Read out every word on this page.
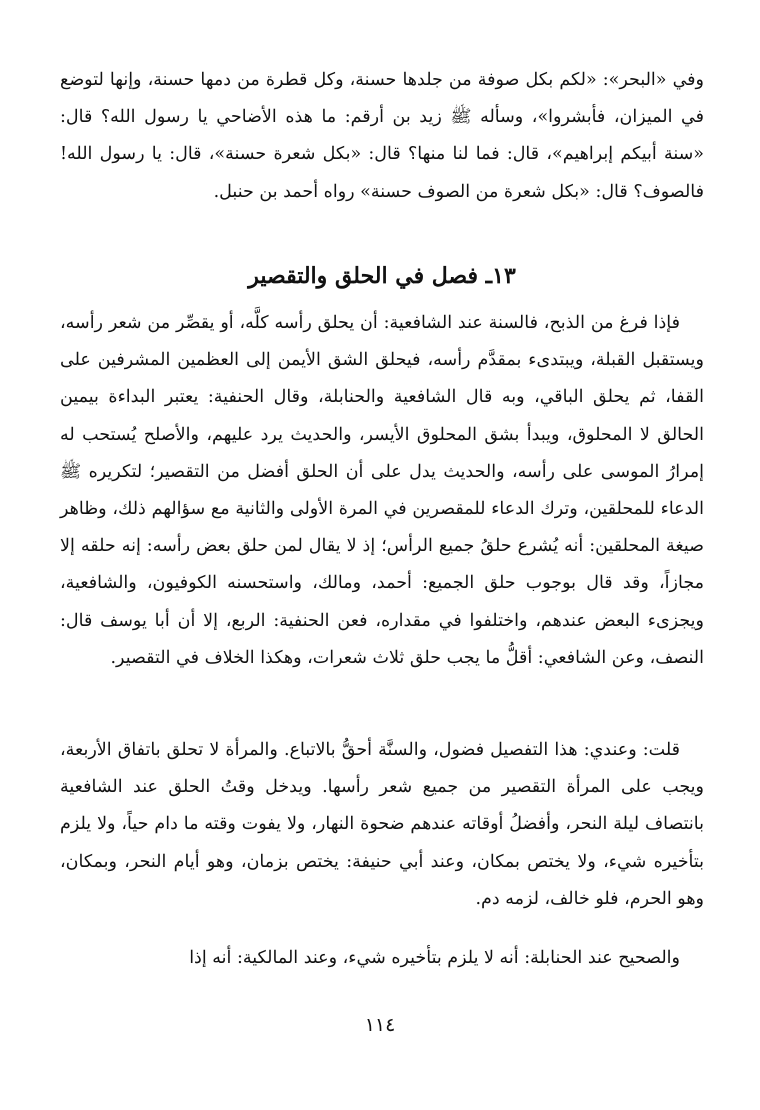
وفي «البحر»: «لكم بكل صوفة من جلدها حسنة، وكل قطرة من دمها حسنة، وإنها لتوضع في الميزان، فأبشروا»، وسأله ﷺ زيد بن أرقم: ما هذه الأضاحي يا رسول الله؟ قال: «سنة أبيكم إبراهيم»، قال: فما لنا منها؟ قال: «بكل شعرة حسنة»، قال: يا رسول الله! فالصوف؟ قال: «بكل شعرة من الصوف حسنة» رواه أحمد بن حنبل.
١٣ـ فصل في الحلق والتقصير
فإذا فرغ من الذبح، فالسنة عند الشافعية: أن يحلق رأسه كلَّه، أو يقصِّر من شعر رأسه، ويستقبل القبلة، ويبتدىء بمقدَّم رأسه، فيحلق الشق الأيمن إلى العظمين المشرفين على القفا، ثم يحلق الباقي، وبه قال الشافعية والحنابلة، وقال الحنفية: يعتبر البداءة بيمين الحالق لا المحلوق، ويبدأ بشق المحلوق الأيسر، والحديث يرد عليهم، والأصلح يُستحب له إمرارُ الموسى على رأسه، والحديث يدل على أن الحلق أفضل من التقصير؛ لتكريره ﷺ الدعاء للمحلقين، وترك الدعاء للمقصرين في المرة الأولى والثانية مع سؤالهم ذلك، وظاهر صيغة المحلقين: أنه يُشرع حلقُ جميع الرأس؛ إذ لا يقال لمن حلق بعض رأسه: إنه حلقه إلا مجازاً، وقد قال بوجوب حلق الجميع: أحمد، ومالك، واستحسنه الكوفيون، والشافعية، ويجزىء البعض عندهم، واختلفوا في مقداره، فعن الحنفية: الربع، إلا أن أبا يوسف قال: النصف، وعن الشافعي: أقلُّ ما يجب حلق ثلاث شعرات، وهكذا الخلاف في التقصير.
قلت: وعندي: هذا التفصيل فضول، والسنَّة أحقُّ بالاتباع. والمرأة لا تحلق باتفاق الأربعة، ويجب على المرأة التقصير من جميع شعر رأسها. ويدخل وقتُ الحلق عند الشافعية بانتصاف ليلة النحر، وأفضلُ أوقاته عندهم ضحوة النهار، ولا يفوت وقته ما دام حياً، ولا يلزم بتأخيره شيء، ولا يختص بمكان، وعند أبي حنيفة: يختص بزمان، وهو أيام النحر، وبمكان، وهو الحرم، فلو خالف، لزمه دم.
والصحيح عند الحنابلة: أنه لا يلزم بتأخيره شيء، وعند المالكية: أنه إذا
١١٤
